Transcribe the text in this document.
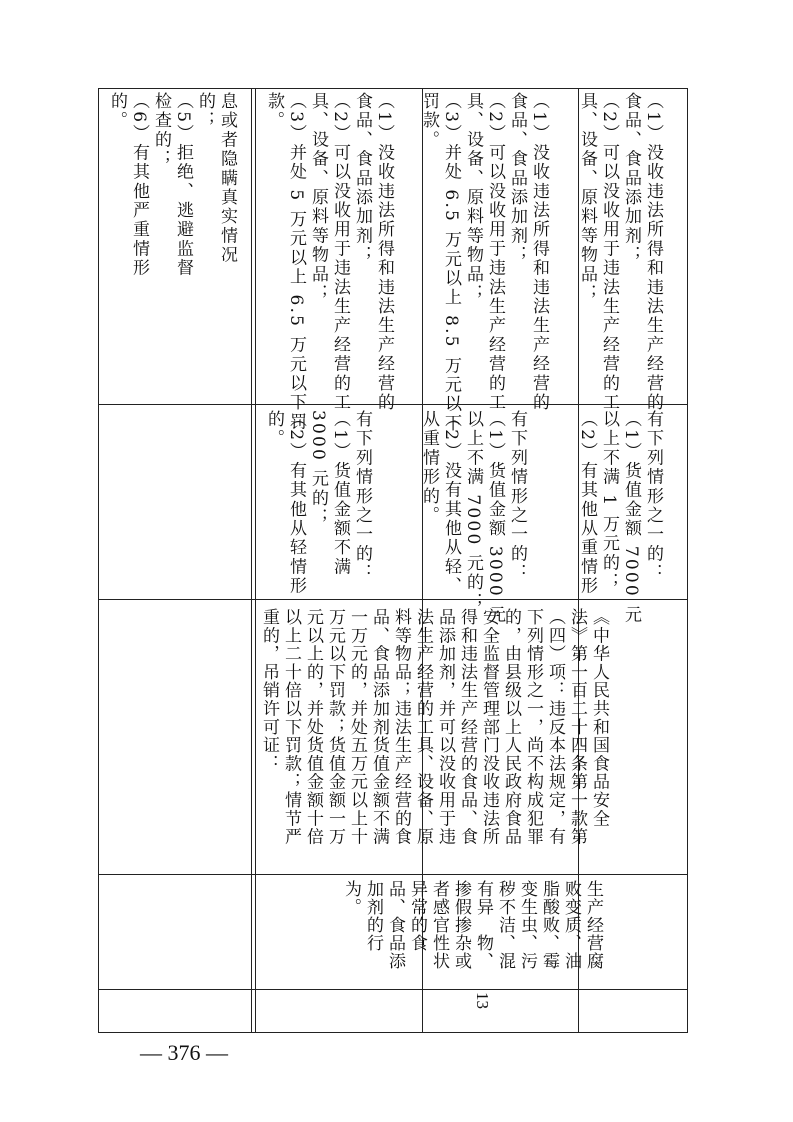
息或者隐瞒真实情况
的；
（5）拒绝、逃避监督
检查的；
（6）有其他严重情形
的。	（1）没收违法所得和违法生产经营的
食品、食品添加剂；
（2）可以没收用于违法生产经营的工
具、设备、原料等物品；
（3）并处 5 万元以上 6.5 万元以下罚
款。
有下列情形之一的：
（1）货值金额不满
3000 元的；
（2）有其他从轻情形
的。
（1）没收违法所得和违法生产经营的
食品、食品添加剂；
（2）可以没收用于违法生产经营的工
具、设备、原料等物品；
（3）并处 6.5 万元以上 8.5 万元以下
罚款。
有下列情形之一的：
（1）货值金额 3000 元
以上不满 7000 元的；
（2）没有其他从轻、
从重情形的。
（1）没收违法所得和违法生产经营的
食品、食品添加剂；
（2）可以没收用于违法生产经营的工
具、设备、原料等物品；
有下列情形之一的：
（1）货值金额 7000 元
以上不满 1 万元的；
（2）有其他从重情形
《中华人民共和国食品安全
法》第一百二十四条第一款第
（四）项：违反本法规定，有
下列情形之一，尚不构成犯罪
的，由县级以上人民政府食品
安全监督管理部门没收违法所
得和违法生产经营的食品、食
品添加剂，并可以没收用于违
法生产经营的工具、设备、原
料等物品；违法生产经营的食
品、食品添加剂货值金额不满
一万元的，并处五万元以上十
万元以下罚款；货值金额一万
元以上的，并处货值金额十倍
以上二十倍以下罚款；情节严
重的，吊销许可证：
生产经营腐
败变质、油
脂酸败、霉
变生虫、污
秽不洁、混
有异　物、
掺假掺杂或
者感官性状
异常的食
品、食品添
加剂的行
为。
13
— 376 —
